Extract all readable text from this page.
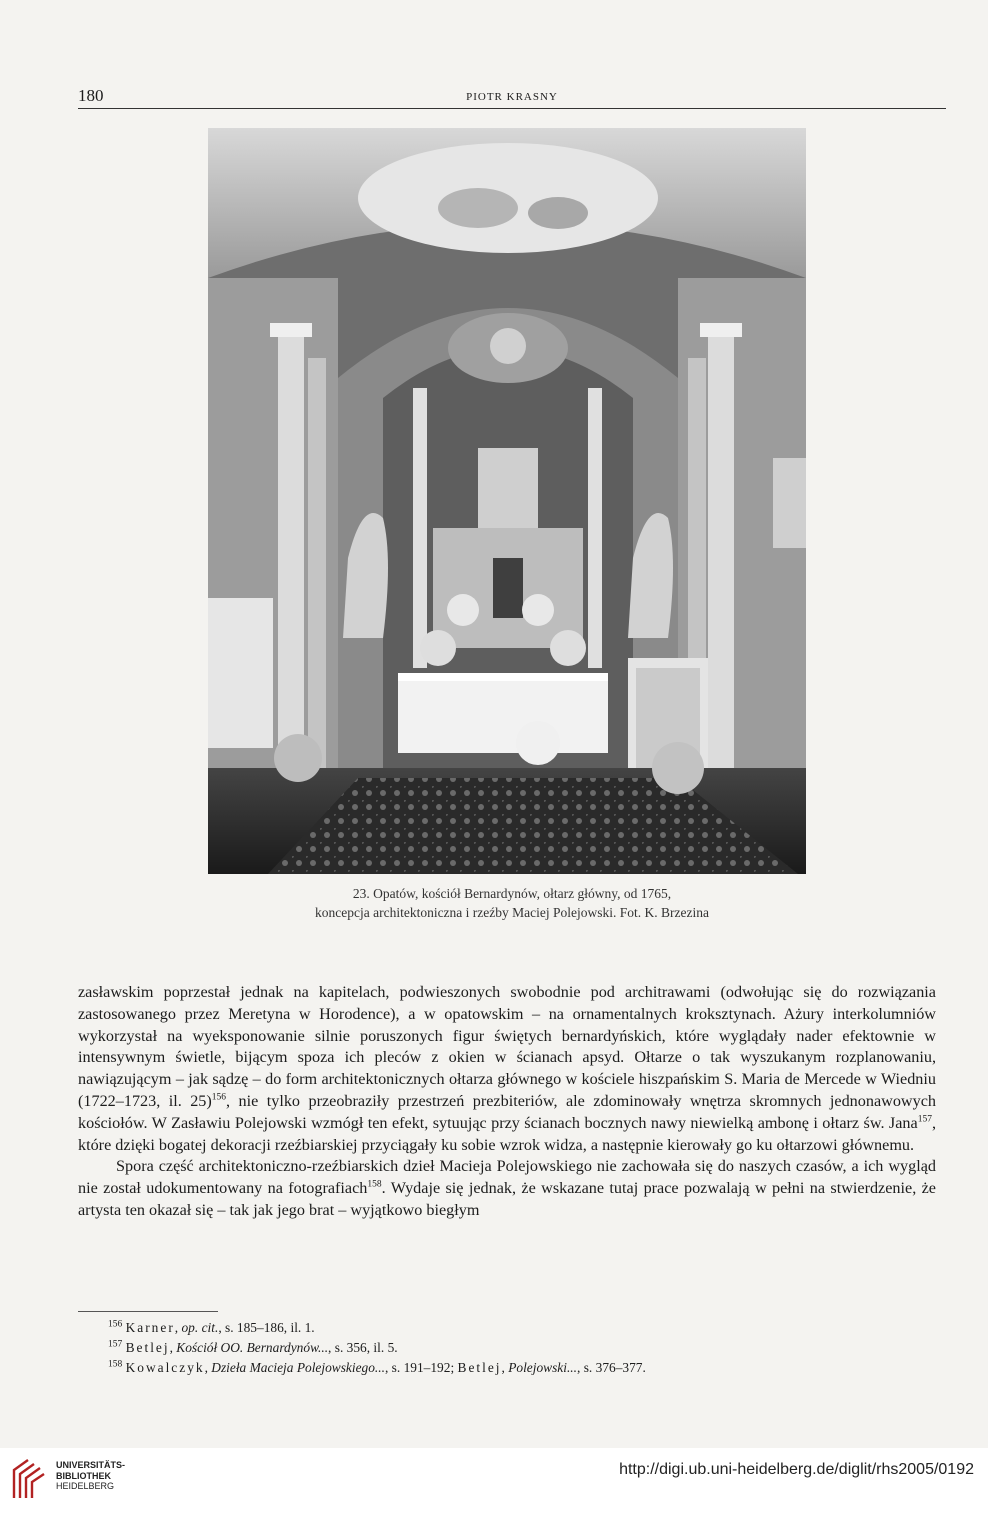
180	PIOTR KRASNY
23. Opatów, kościół Bernardynów, ołtarz główny, od 1765,
koncepcja architektoniczna i rzeźby Maciej Polejowski. Fot. K. Brzezina

zasławskim poprzestał jednak na kapitelach, podwieszonych swobodnie pod architrawami (odwołując się do rozwiązania zastosowanego przez Meretyna w Horodence), a w opatowskim – na ornamentalnych kroksztynach. Ażury interkolumniów wykorzystał na wyeksponowanie silnie poruszonych figur świętych bernardyńskich, które wyglądały nader efektownie w intensywnym świetle, bijącym spoza ich pleców z okien w ścianach apsyd. Ołtarze o tak wyszukanym rozplanowaniu, nawiązującym – jak sądzę – do form architektonicznych ołtarza głównego w kościele hiszpańskim S. Maria de Mercede w Wiedniu (1722–1723, il. 25)$^{156}$, nie tylko przeobraziły przestrzeń prezbiteriów, ale zdominowały wnętrza skromnych jednonawowych kościołów. W Zasławiu Polejowski wzmógł ten efekt, sytuując przy ścianach bocznych nawy niewielką ambonę i ołtarz św. Jana$^{157}$, które dzięki bogatej dekoracji rzeźbiarskiej przyciągały ku sobie wzrok widza, a następnie kierowały go ku ołtarzowi głównemu.

Spora część architektoniczno-rzeźbiarskich dzieł Macieja Polejowskiego nie zachowała się do naszych czasów, a ich wygląd nie został udokumentowany na fotografiach$^{158}$. Wydaje się jednak, że wskazane tutaj prace pozwalają w pełni na stwierdzenie, że artysta ten okazał się – tak jak jego brat – wyjątkowo biegłym

$^{156}$ Karner, op. cit., s. 185–186, il. 1.
$^{157}$ Betlej, Kościół OO. Bernardynów..., s. 356, il. 5.
$^{158}$ Kowalczyk, Dzieła Macieja Polejowskiego..., s. 191–192; Betlej, Polejowski..., s. 376–377.
UNIVERSITÄTS-
BIBLIOTHEK
HEIDELBERG
http://digi.ub.uni-heidelberg.de/diglit/rhs2005/0192
